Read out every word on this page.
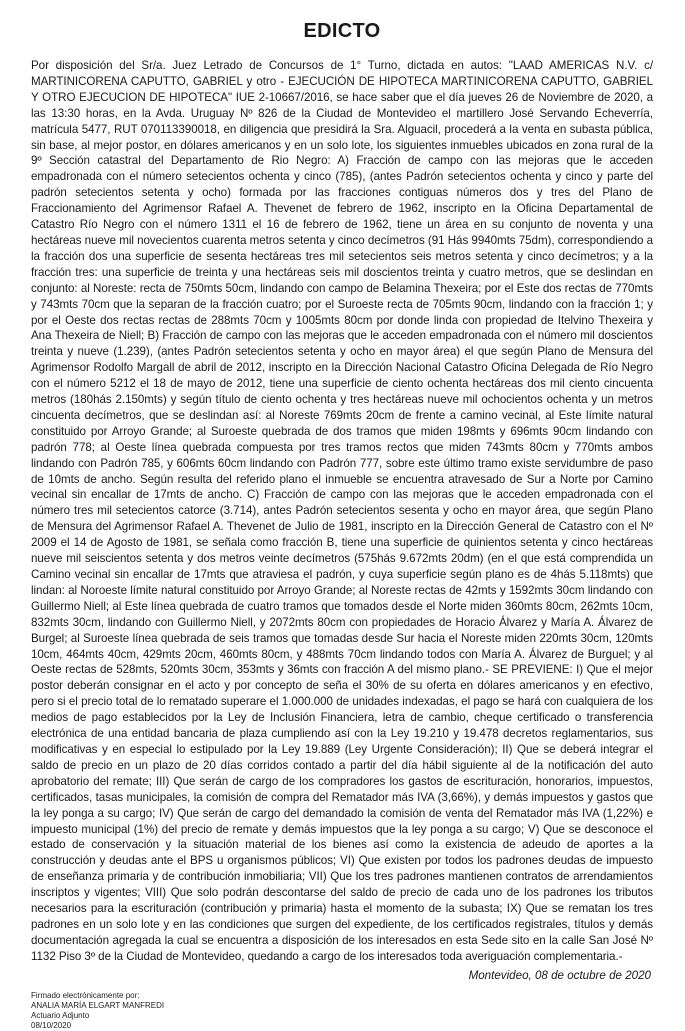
EDICTO

Por disposición del Sr/a. Juez Letrado de Concursos de 1° Turno, dictada en autos: "LAAD AMERICAS N.V. c/ MARTINICORENA CAPUTTO, GABRIEL y otro - EJECUCIÓN DE HIPOTECA MARTINICORENA CAPUTTO, GABRIEL Y OTRO EJECUCION DE HIPOTECA" IUE 2-10667/2016, se hace saber que el día jueves 26 de Noviembre de 2020, a las 13:30 horas, en la Avda. Uruguay Nº 826 de la Ciudad de Montevideo el martillero José Servando Echeverría, matrícula 5477, RUT 070113390018, en diligencia que presidirá la Sra. Alguacil, procederá a la venta en subasta pública, sin base, al mejor postor, en dólares americanos y en un solo lote, los siguientes inmuebles ubicados en zona rural de la 9º Sección catastral del Departamento de Rio Negro: A) Fracción de campo con las mejoras que le acceden empadronada con el número setecientos ochenta y cinco (785), (antes Padrón setecientos ochenta y cinco y parte del padrón setecientos setenta y ocho) formada por las fracciones contiguas números dos y tres del Plano de Fraccionamiento del Agrimensor Rafael A. Thevenet de febrero de 1962, inscripto en la Oficina Departamental de Catastro Río Negro con el número 1311 el 16 de febrero de 1962, tiene un área en su conjunto de noventa y una hectáreas nueve mil novecientos cuarenta metros setenta y cinco decímetros (91 Hás 9940mts 75dm), correspondiendo a la fracción dos una superficie de sesenta hectáreas tres mil setecientos seis metros setenta y cinco decímetros; y a la fracción tres: una superficie de treinta y una hectáreas seis mil doscientos treinta y cuatro metros, que se deslindan en conjunto: al Noreste: recta de 750mts 50cm, lindando con campo de Belamina Thexeira; por el Este dos rectas de 770mts y 743mts 70cm que la separan de la fracción cuatro; por el Suroeste recta de 705mts 90cm, lindando con la fracción 1; y por el Oeste dos rectas rectas de 288mts 70cm y 1005mts 80cm por donde linda con propiedad de Itelvino Thexeira y Ana Thexeira de Niell; B) Fracción de campo con las mejoras que le acceden empadronada con el número mil doscientos treinta y nueve (1.239), (antes Padrón setecientos setenta y ocho en mayor área) el que según Plano de Mensura del Agrimensor Rodolfo Margall de abril de 2012, inscripto en la Dirección Nacional Catastro Oficina Delegada de Río Negro con el número 5212 el 18 de mayo de 2012, tiene una superficie de ciento ochenta hectáreas dos mil ciento cincuenta metros (180hás 2.150mts) y según título de ciento ochenta y tres hectáreas nueve mil ochocientos ochenta y un metros cincuenta decímetros, que se deslindan así: al Noreste 769mts 20cm de frente a camino vecinal, al Este límite natural constituido por Arroyo Grande; al Suroeste quebrada de dos tramos que miden 198mts y 696mts 90cm lindando con padrón 778; al Oeste línea quebrada compuesta por tres tramos rectos que miden 743mts 80cm y 770mts ambos lindando con Padrón 785, y 606mts 60cm lindando con Padrón 777, sobre este último tramo existe servidumbre de paso de 10mts de ancho. Según resulta del referido plano el inmueble se encuentra atravesado de Sur a Norte por Camino vecinal sin encallar de 17mts de ancho. C) Fracción de campo con las mejoras que le acceden empadronada con el número tres mil setecientos catorce (3.714), antes Padrón setecientos sesenta y ocho en mayor área, que según Plano de Mensura del Agrimensor Rafael A. Thevenet de Julio de 1981, inscripto en la Dirección General de Catastro con el Nº 2009 el 14 de Agosto de 1981, se señala como fracción B, tiene una superficie de quinientos setenta y cinco hectáreas nueve mil seiscientos setenta y dos metros veinte decímetros (575hás 9.672mts 20dm) (en el que está comprendida un Camino vecinal sin encallar de 17mts que atraviesa el padrón, y cuya superficie según plano es de 4hás 5.118mts) que lindan: al Noroeste límite natural constituido por Arroyo Grande; al Noreste rectas de 42mts y 1592mts 30cm lindando con Guillermo Niell; al Este línea quebrada de cuatro tramos que tomados desde el Norte miden 360mts 80cm, 262mts 10cm, 832mts 30cm, lindando con Guillermo Niell, y 2072mts 80cm con propiedades de Horacio Álvarez y María A. Álvarez de Burgel; al Suroeste línea quebrada de seis tramos que tomadas desde Sur hacia el Noreste miden 220mts 30cm, 120mts 10cm, 464mts 40cm, 429mts 20cm, 460mts 80cm, y 488mts 70cm lindando todos con María A. Álvarez de Burguel; y al Oeste rectas de 528mts, 520mts 30cm, 353mts y 36mts con fracción A del mismo plano.- SE PREVIENE: I) Que el mejor postor deberán consignar en el acto y por concepto de seña el 30% de su oferta en dólares americanos y en efectivo, pero si el precio total de lo rematado superare el 1.000.000 de unidades indexadas, el pago se hará con cualquiera de los medios de pago establecidos por la Ley de Inclusión Financiera, letra de cambio, cheque certificado o transferencia electrónica de una entidad bancaria de plaza cumpliendo así con la Ley 19.210 y 19.478 decretos reglamentarios, sus modificativas y en especial lo estipulado por la Ley 19.889 (Ley Urgente Consideración); II) Que se deberá integrar el saldo de precio en un plazo de 20 días corridos contado a partir del día hábil siguiente al de la notificación del auto aprobatorio del remate; III) Que serán de cargo de los compradores los gastos de escrituración, honorarios, impuestos, certificados, tasas municipales, la comisión de compra del Rematador más IVA (3,66%), y demás impuestos y gastos que la ley ponga a su cargo; IV) Que serán de cargo del demandado la comisión de venta del Rematador más IVA (1,22%) e impuesto municipal (1%) del precio de remate y demás impuestos que la ley ponga a su cargo; V) Que se desconoce el estado de conservación y la situación material de los bienes así como la existencia de adeudo de aportes a la construcción y deudas ante el BPS u organismos públicos; VI) Que existen por todos los padrones deudas de impuesto de enseñanza primaria y de contribución inmobiliaria; VII) Que los tres padrones mantienen contratos de arrendamientos inscriptos y vigentes; VIII) Que solo podrán descontarse del saldo de precio de cada uno de los padrones los tributos necesarios para la escrituración (contribución y primaria) hasta el momento de la subasta; IX) Que se rematan los tres padrones en un solo lote y en las condiciones que surgen del expediente, de los certificados registrales, títulos y demás documentación agregada la cual se encuentra a disposición de los interesados en esta Sede sito en la calle San José Nº 1132 Piso 3º de la Ciudad de Montevideo, quedando a cargo de los interesados toda averiguación complementaria.-

Montevideo, 08 de octubre de 2020
Firmado electrónicamente por:
ANALIA MARÍA ELGART MANFREDI
Actuario Adjunto
08/10/2020
